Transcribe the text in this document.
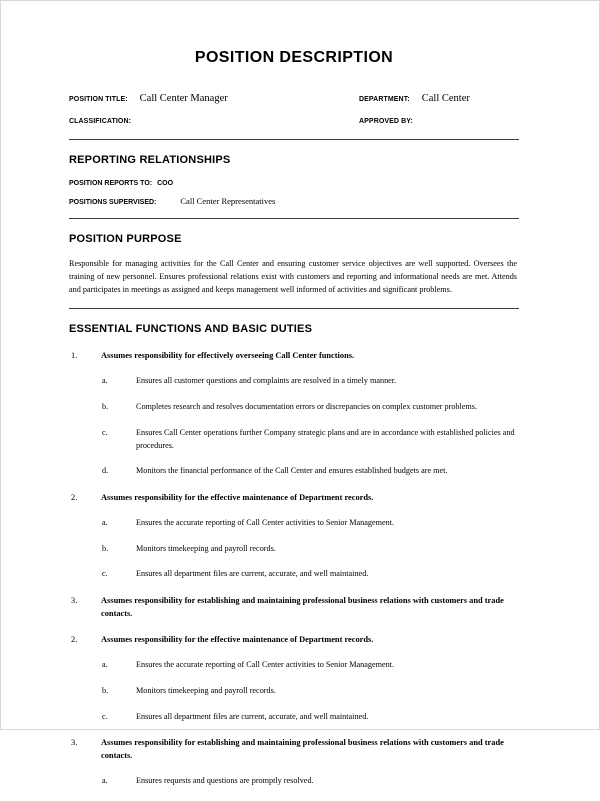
POSITION DESCRIPTION
POSITION TITLE: Call Center Manager	DEPARTMENT: Call Center
CLASSIFICATION:	APPROVED BY:
REPORTING RELATIONSHIPS
POSITION REPORTS TO: COO
POSITIONS SUPERVISED:	Call Center Representatives
POSITION PURPOSE

Responsible for managing activities for the Call Center and ensuring customer service objectives are well supported. Oversees the training of new personnel. Ensures professional relations exist with customers and reporting and informational needs are met. Attends and participates in meetings as assigned and keeps management well informed of activities and significant problems.

ESSENTIAL FUNCTIONS AND BASIC DUTIES
1.	Assumes responsibility for effectively overseeing Call Center functions.
a.	Ensures all customer questions and complaints are resolved in a timely manner.
b.	Completes research and resolves documentation errors or discrepancies on complex customer problems.
c.	Ensures Call Center operations further Company strategic plans and are in accordance with established policies and procedures.
d.	Monitors the financial performance of the Call Center and ensures established budgets are met.
2.	Assumes responsibility for the effective maintenance of Department records.
a.	Ensures the accurate reporting of Call Center activities to Senior Management.
b.	Monitors timekeeping and payroll records.
c.	Ensures all department files are current, accurate, and well maintained.
3.	Assumes responsibility for establishing and maintaining professional business relations with customers and trade contacts.
2.	Assumes responsibility for the effective maintenance of Department records.
a.	Ensures the accurate reporting of Call Center activities to Senior Management.
b.	Monitors timekeeping and payroll records.
c.	Ensures all department files are current, accurate, and well maintained.
3.	Assumes responsibility for establishing and maintaining professional business relations with customers and trade contacts.
a.	Ensures requests and questions are promptly resolved.
